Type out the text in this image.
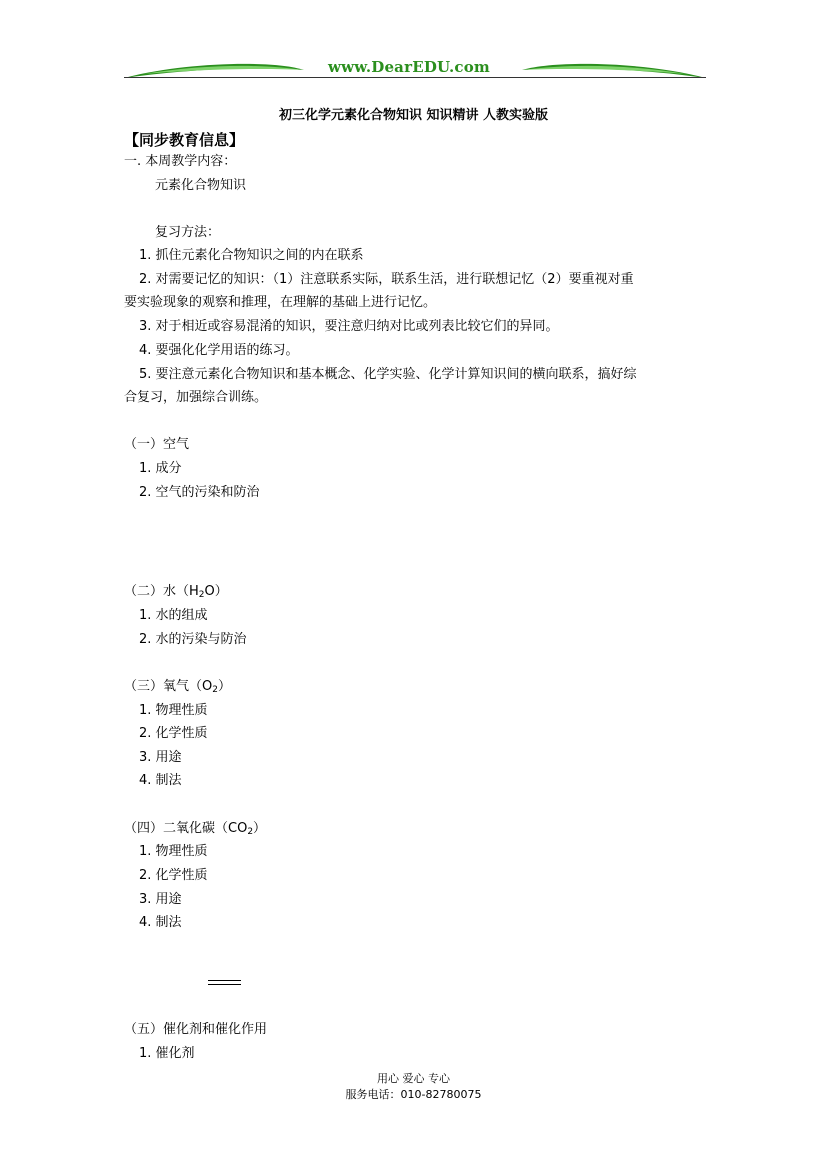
www.DearEDU.com
初三化学元素化合物知识 知识精讲 人教实验版
【同步教育信息】
一. 本周教学内容：
元素化合物知识
复习方法：
1. 抓住元素化合物知识之间的内在联系
2. 对需要记忆的知识：（1）注意联系实际，联系生活，进行联想记忆（2）要重视对重
要实验现象的观察和推理，在理解的基础上进行记忆。
3. 对于相近或容易混淆的知识，要注意归纳对比或列表比较它们的异同。
4. 要强化化学用语的练习。
5. 要注意元素化合物知识和基本概念、化学实验、化学计算知识间的横向联系，搞好综
合复习，加强综合训练。
（一）空气
1. 成分
2. 空气的污染和防治
（二）水$(H_2O)$
1. 水的组成
2. 水的污染与防治
（三）氧气$(O_2)$
1. 物理性质
2. 化学性质
3. 用途
4. 制法
（四）二氧化碳$(CO_2)$
1. 物理性质
2. 化学性质
3. 用途
4. 制法
（五）催化剂和催化作用
1. 催化剂
用心 爱心 专心
服务电话：010-82780075
